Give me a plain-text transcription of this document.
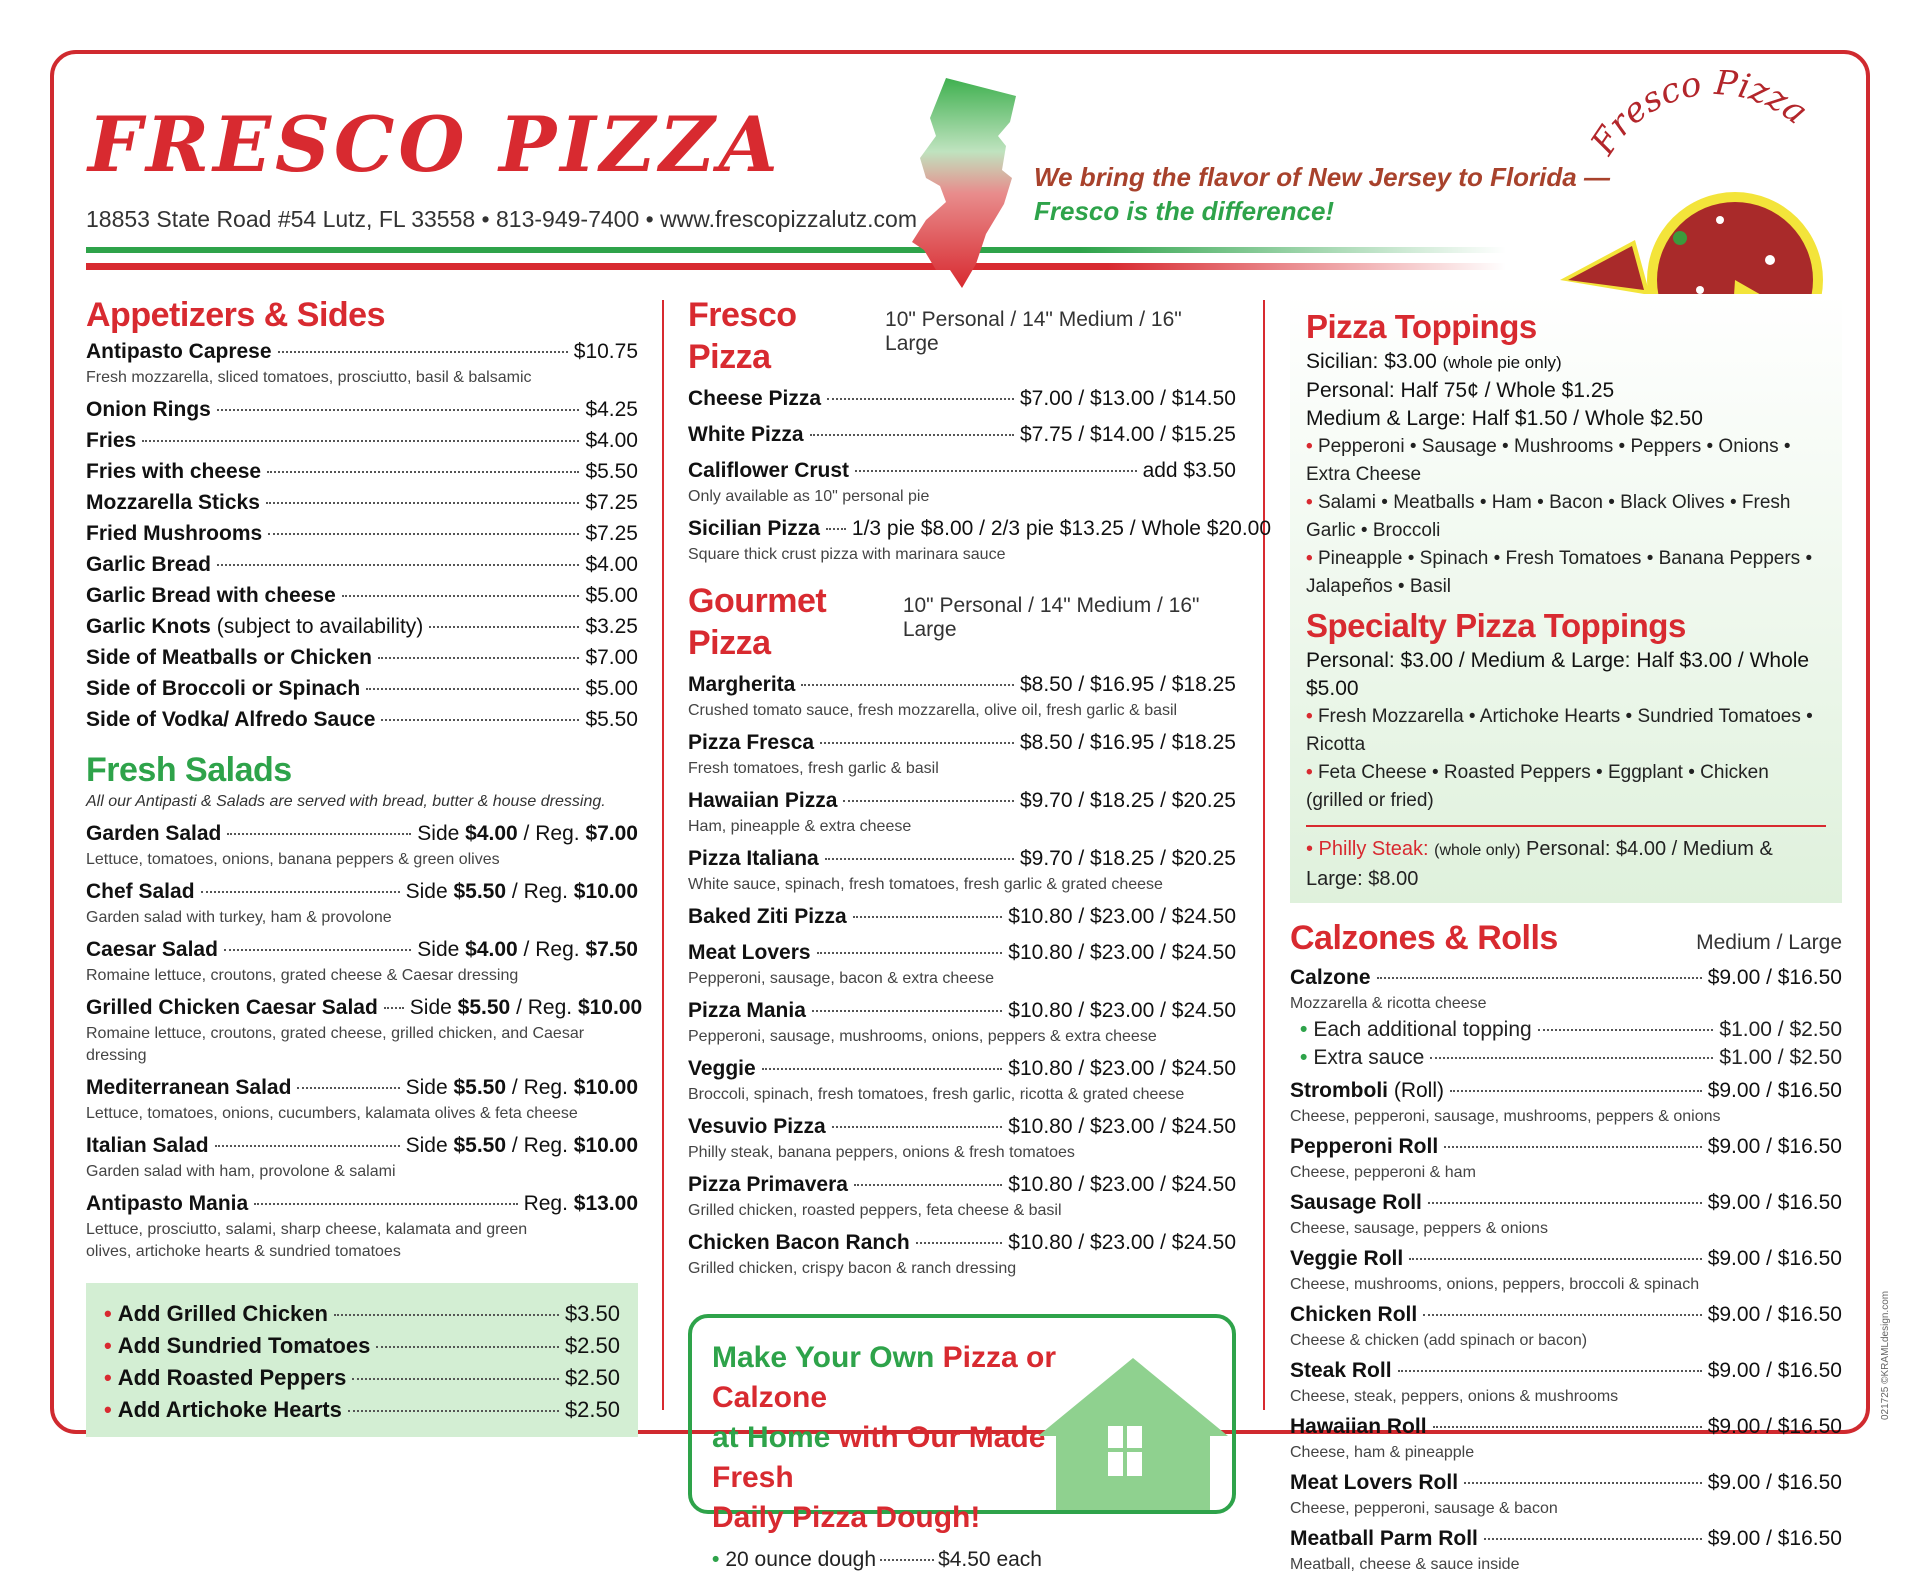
FRESCO PIZZA
18853 State Road #54 Lutz, FL 33558 • 813-949-7400 • www.frescopizzalutz.com
We bring the flavor of New Jersey to Florida —
Fresco is the difference!
Fresco Pizza
Appetizers & Sides
Antipasto Caprese	$10.75
Fresh mozzarella, sliced tomatoes, prosciutto, basil & balsamic
Onion Rings	$4.25
Fries	$4.00
Fries with cheese	$5.50
Mozzarella Sticks	$7.25
Fried Mushrooms	$7.25
Garlic Bread	$4.00
Garlic Bread with cheese	$5.00
Garlic Knots (subject to availability)	$3.25
Side of Meatballs or Chicken	$7.00
Side of Broccoli or Spinach	$5.00
Side of Vodka/ Alfredo Sauce	$5.50
Fresh Salads
All our Antipasti & Salads are served with bread, butter & house dressing.
Garden Salad	Side $4.00 / Reg. $7.00
Lettuce, tomatoes, onions, banana peppers & green olives
Chef Salad	Side $5.50 / Reg. $10.00
Garden salad with turkey, ham & provolone
Caesar Salad	Side $4.00 / Reg. $7.50
Romaine lettuce, croutons, grated cheese & Caesar dressing
Grilled Chicken Caesar Salad Side $5.50 / Reg. $10.00
Romaine lettuce, croutons, grated cheese, grilled chicken, and Caesar dressing
Mediterranean Salad	Side $5.50 / Reg. $10.00
Lettuce, tomatoes, onions, cucumbers, kalamata olives & feta cheese
Italian Salad	Side $5.50 / Reg. $10.00
Garden salad with ham, provolone & salami
Antipasto Mania	Reg. $13.00
Lettuce, prosciutto, salami, sharp cheese, kalamata and green
olives, artichoke hearts & sundried tomatoes
• Add Grilled Chicken	$3.50
• Add Sundried Tomatoes	$2.50
• Add Roasted Peppers	$2.50
• Add Artichoke Hearts	$2.50
Fresco Pizza
10" Personal / 14" Medium / 16" Large
Cheese Pizza	$7.00 / $13.00 / $14.50
White Pizza	$7.75 / $14.00 / $15.25
Califlower Crust	add $3.50
Only available as 10" personal pie
Sicilian Pizza 1/3 pie $8.00 / 2/3 pie $13.25 / Whole $20.00
Square thick crust pizza with marinara sauce
Gourmet Pizza
10" Personal / 14" Medium / 16" Large
Margherita	$8.50 / $16.95 / $18.25
Crushed tomato sauce, fresh mozzarella, olive oil, fresh garlic & basil
Pizza Fresca	$8.50 / $16.95 / $18.25
Fresh tomatoes, fresh garlic & basil
Hawaiian Pizza	$9.70 / $18.25 / $20.25
Ham, pineapple & extra cheese
Pizza Italiana	$9.70 / $18.25 / $20.25
White sauce, spinach, fresh tomatoes, fresh garlic & grated cheese
Baked Ziti Pizza	$10.80 / $23.00 / $24.50
Meat Lovers	$10.80 / $23.00 / $24.50
Pepperoni, sausage, bacon & extra cheese
Pizza Mania	$10.80 / $23.00 / $24.50
Pepperoni, sausage, mushrooms, onions, peppers & extra cheese
Veggie	$10.80 / $23.00 / $24.50
Broccoli, spinach, fresh tomatoes, fresh garlic, ricotta & grated cheese
Vesuvio Pizza	$10.80 / $23.00 / $24.50
Philly steak, banana peppers, onions & fresh tomatoes
Pizza Primavera	$10.80 / $23.00 / $24.50
Grilled chicken, roasted peppers, feta cheese & basil
Chicken Bacon Ranch	$10.80 / $23.00 / $24.50
Grilled chicken, crispy bacon & ranch dressing
Make Your Own Pizza or Calzone
at Home with Our Made Fresh
Daily Pizza Dough!
• 20 ounce dough	$4.50 each
Pizza Toppings
Sicilian: $3.00 (whole pie only)
Personal: Half 75¢ / Whole $1.25
Medium & Large: Half $1.50 / Whole $2.50
• Pepperoni • Sausage • Mushrooms • Peppers • Onions • Extra Cheese
• Salami • Meatballs • Ham • Bacon • Black Olives • Fresh Garlic • Broccoli
• Pineapple • Spinach • Fresh Tomatoes • Banana Peppers • Jalapeños • Basil
Specialty Pizza Toppings
Personal: $3.00 / Medium & Large: Half $3.00 / Whole $5.00
• Fresh Mozzarella • Artichoke Hearts • Sundried Tomatoes • Ricotta
• Feta Cheese • Roasted Peppers • Eggplant • Chicken (grilled or fried)
• Philly Steak: (whole only) Personal: $4.00 / Medium & Large: $8.00
Calzones & Rolls	Medium / Large
Calzone	$9.00 / $16.50
Mozzarella & ricotta cheese
• Each additional topping	$1.00 / $2.50
• Extra sauce	$1.00 / $2.50
Stromboli (Roll)	$9.00 / $16.50
Cheese, pepperoni, sausage, mushrooms, peppers & onions
Pepperoni Roll	$9.00 / $16.50
Cheese, pepperoni & ham
Sausage Roll	$9.00 / $16.50
Cheese, sausage, peppers & onions
Veggie Roll	$9.00 / $16.50
Cheese, mushrooms, onions, peppers, broccoli & spinach
Chicken Roll	$9.00 / $16.50
Cheese & chicken (add spinach or bacon)
Steak Roll	$9.00 / $16.50
Cheese, steak, peppers, onions & mushrooms
Hawaiian Roll	$9.00 / $16.50
Cheese, ham & pineapple
Meat Lovers Roll	$9.00 / $16.50
Cheese, pepperoni, sausage & bacon
Meatball Parm Roll	$9.00 / $16.50
Meatball, cheese & sauce inside
021725 ©KRAMLdesign.com
